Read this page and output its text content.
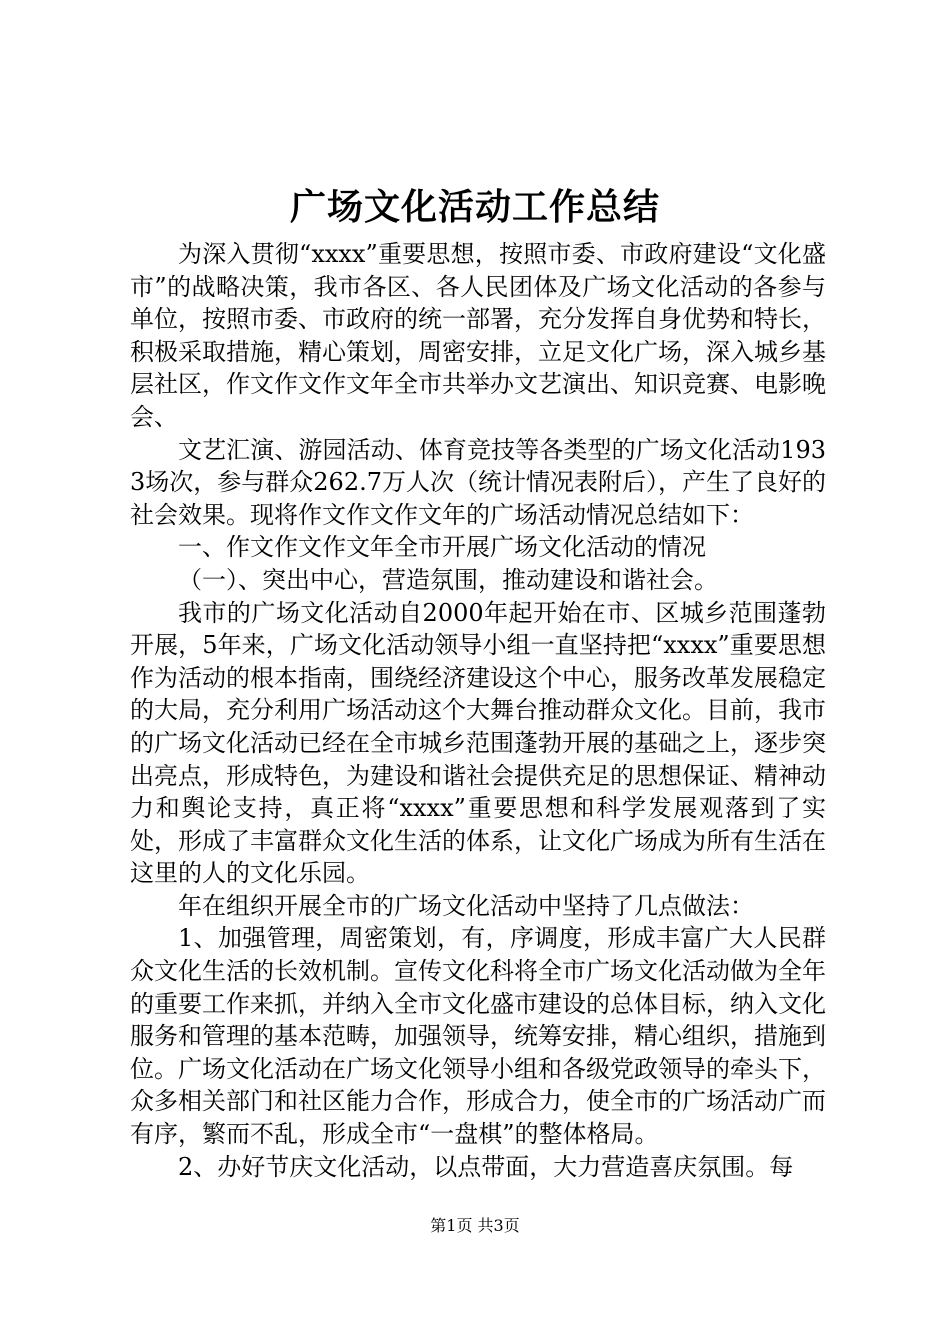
广场文化活动工作总结

为深入贯彻“xxxx”重要思想，按照市委、市政府建设“文化盛市”的战略决策，我市各区、各人民团体及广场文化活动的各参与单位，按照市委、市政府的统一部署，充分发挥自身优势和特长，积极采取措施，精心策划，周密安排，立足文化广场，深入城乡基层社区，作文作文作文年全市共举办文艺演出、知识竞赛、电影晚会、

文艺汇演、游园活动、体育竞技等各类型的广场文化活动1933场次，参与群众262.7万人次（统计情况表附后），产生了良好的社会效果。现将作文作文作文年的广场活动情况总结如下：

一、作文作文作文年全市开展广场文化活动的情况

（一）、突出中心，营造氛围，推动建设和谐社会。

我市的广场文化活动自2000年起开始在市、区城乡范围蓬勃开展，5年来，广场文化活动领导小组一直坚持把“xxxx”重要思想作为活动的根本指南，围绕经济建设这个中心，服务改革发展稳定的大局，充分利用广场活动这个大舞台推动群众文化。目前，我市的广场文化活动已经在全市城乡范围蓬勃开展的基础之上，逐步突出亮点，形成特色，为建设和谐社会提供充足的思想保证、精神动力和舆论支持，真正将“xxxx”重要思想和科学发展观落到了实处，形成了丰富群众文化生活的体系，让文化广场成为所有生活在这里的人的文化乐园。

年在组织开展全市的广场文化活动中坚持了几点做法：

1、加强管理，周密策划，有，序调度，形成丰富广大人民群众文化生活的长效机制。宣传文化科将全市广场文化活动做为全年的重要工作来抓，并纳入全市文化盛市建设的总体目标，纳入文化服务和管理的基本范畴，加强领导，统筹安排，精心组织，措施到位。广场文化活动在广场文化领导小组和各级党政领导的牵头下，众多相关部门和社区能力合作，形成合力，使全市的广场活动广而有序，繁而不乱，形成全市“一盘棋”的整体格局。

2、办好节庆文化活动，以点带面，大力营造喜庆氛围。每

第1页 共3页
